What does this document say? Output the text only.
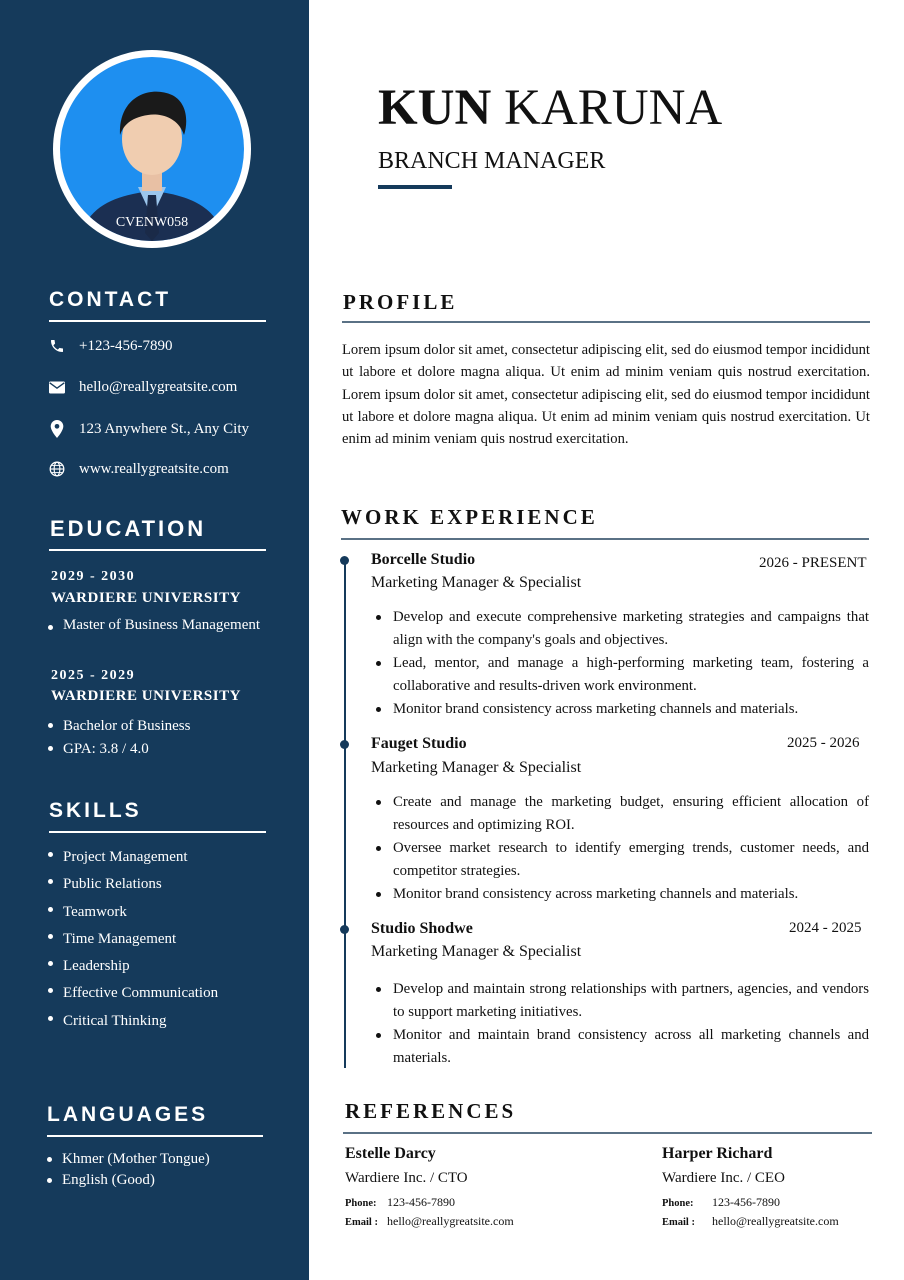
CVENW058
CONTACT
+123-456-7890
hello@reallygreatsite.com
123 Anywhere St., Any City
www.reallygreatsite.com
EDUCATION
2029 - 2030
WARDIERE UNIVERSITY
Master of Business Management
2025 - 2029
WARDIERE UNIVERSITY
Bachelor of Business
GPA: 3.8 / 4.0
SKILLS
Project Management
Public Relations
Teamwork
Time Management
Leadership
Effective Communication
Critical Thinking
LANGUAGES
Khmer (Mother Tongue)
English (Good)
KUN KARUNA
BRANCH MANAGER
PROFILE
Lorem ipsum dolor sit amet, consectetur adipiscing elit, sed do eiusmod tempor incididunt ut labore et dolore magna aliqua. Ut enim ad minim veniam quis nostrud exercitation. Lorem ipsum dolor sit amet, consectetur adipiscing elit, sed do eiusmod tempor incididunt ut labore et dolore magna aliqua. Ut enim ad minim veniam quis nostrud exercitation. Ut enim ad minim veniam quis nostrud exercitation.
WORK EXPERIENCE
Borcelle Studio	2026 - PRESENT
Marketing Manager & Specialist
Develop and execute comprehensive marketing strategies and campaigns that align with the company's goals and objectives.
Lead, mentor, and manage a high-performing marketing team, fostering a collaborative and results-driven work environment.
Monitor brand consistency across marketing channels and materials.
Fauget Studio	2025 - 2026
Marketing Manager & Specialist
Create and manage the marketing budget, ensuring efficient allocation of resources and optimizing ROI.
Oversee market research to identify emerging trends, customer needs, and competitor strategies.
Monitor brand consistency across marketing channels and materials.
Studio Shodwe	2024 - 2025
Marketing Manager & Specialist
Develop and maintain strong relationships with partners, agencies, and vendors to support marketing initiatives.
Monitor and maintain brand consistency across all marketing channels and materials.
REFERENCES
Estelle Darcy
Wardiere Inc. / CTO
Phone: 123-456-7890
Email : hello@reallygreatsite.com
Harper Richard
Wardiere Inc. / CEO
Phone: 123-456-7890
Email : hello@reallygreatsite.com
